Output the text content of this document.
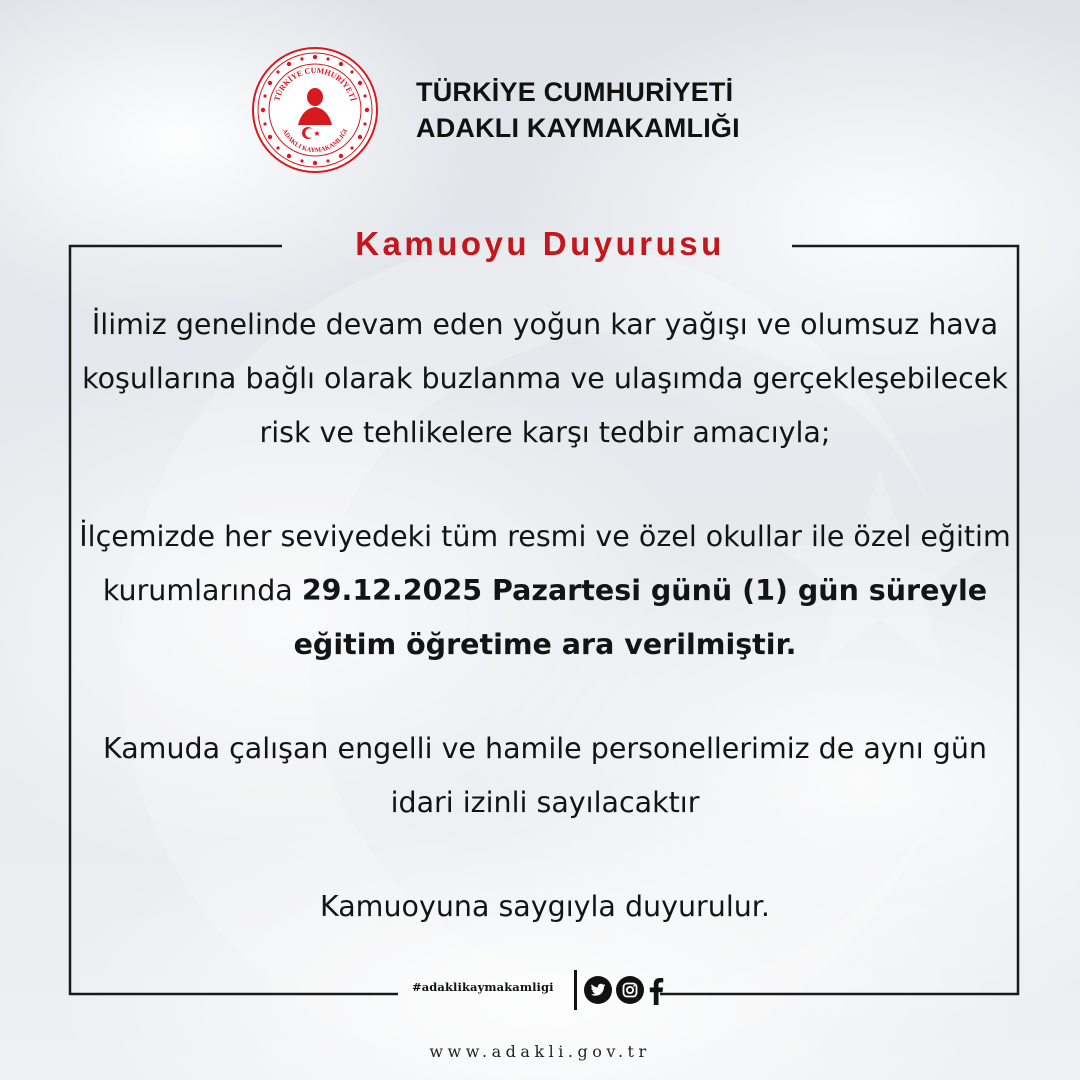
TÜRKİYE CUMHURİYETİ
ADAKLI KAYMAKAMLIĞI
TÜRKİYE CUMHURİYETİ
ADAKLI KAYMAKAMLIĞI
Kamuoyu Duyurusu

İlimiz genelinde devam eden yoğun kar yağışı ve olumsuz hava koşullarına bağlı olarak buzlanma ve ulaşımda gerçekleşebilecek risk ve tehlikelere karşı tedbir amacıyla;

İlçemizde her seviyedeki tüm resmi ve özel okullar ile özel eğitim kurumlarında 29.12.2025 Pazartesi günü (1) gün süreyle eğitim öğretime ara verilmiştir.

Kamuda çalışan engelli ve hamile personellerimiz de aynı gün idari izinli sayılacaktır

Kamuoyuna saygıyla duyurulur.

#adaklikaymakamligi
www.adakli.gov.tr
